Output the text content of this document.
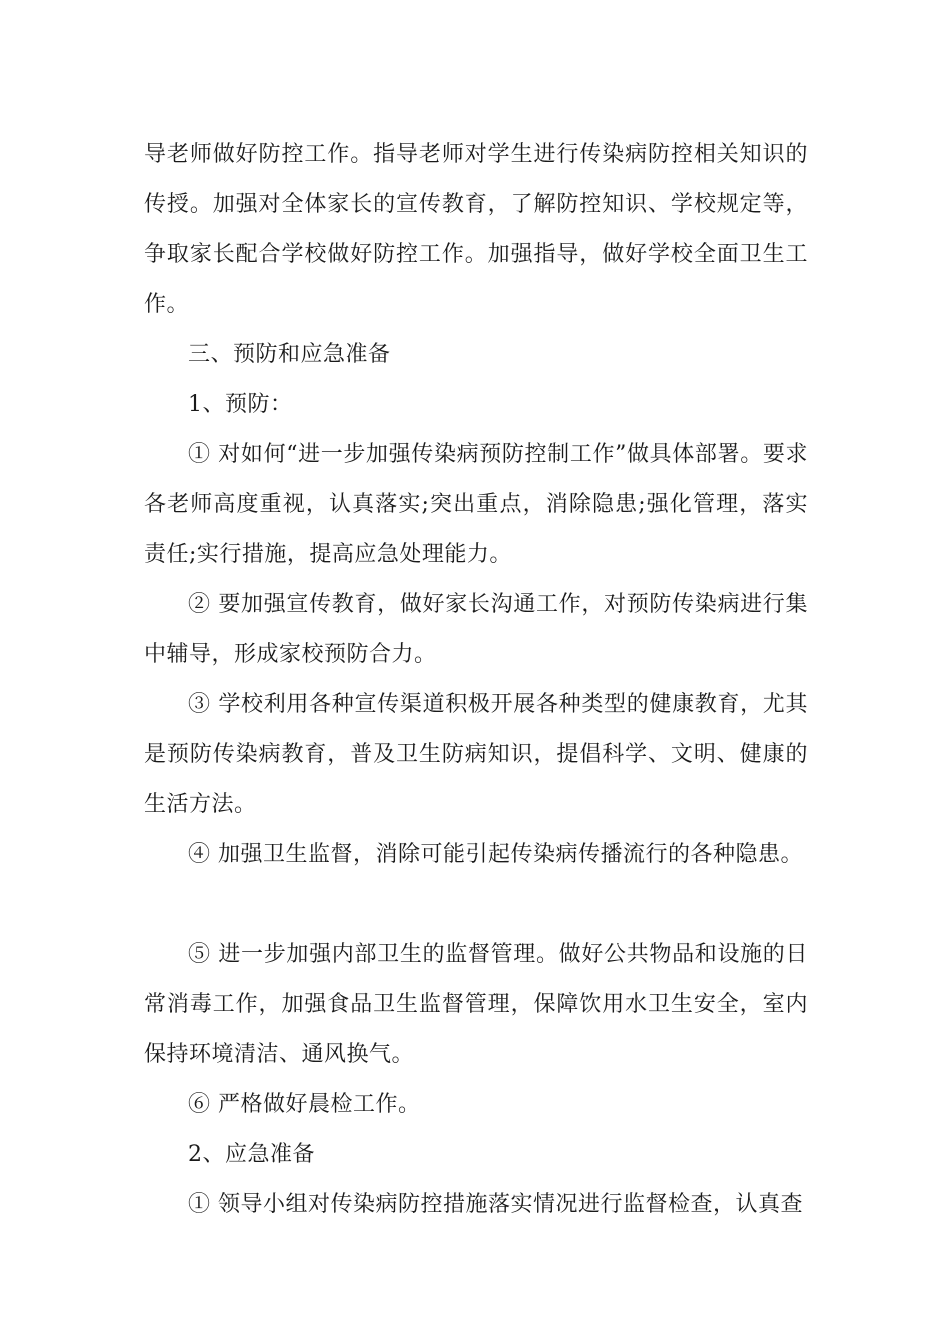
导老师做好防控工作。指导老师对学生进行传染病防控相关知识的传授。加强对全体家长的宣传教育，了解防控知识、学校规定等，争取家长配合学校做好防控工作。加强指导，做好学校全面卫生工作。

三、预防和应急准备

1、预防：

① 对如何“进一步加强传染病预防控制工作”做具体部署。要求各老师高度重视，认真落实;突出重点，消除隐患;强化管理，落实责任;实行措施，提高应急处理能力。

② 要加强宣传教育，做好家长沟通工作，对预防传染病进行集中辅导，形成家校预防合力。

③ 学校利用各种宣传渠道积极开展各种类型的健康教育，尤其是预防传染病教育，普及卫生防病知识，提倡科学、文明、健康的生活方法。

④ 加强卫生监督，消除可能引起传染病传播流行的各种隐患。

⑤ 进一步加强内部卫生的监督管理。做好公共物品和设施的日常消毒工作，加强食品卫生监督管理，保障饮用水卫生安全，室内保持环境清洁、通风换气。

⑥ 严格做好晨检工作。

2、应急准备

① 领导小组对传染病防控措施落实情况进行监督检查，认真查
